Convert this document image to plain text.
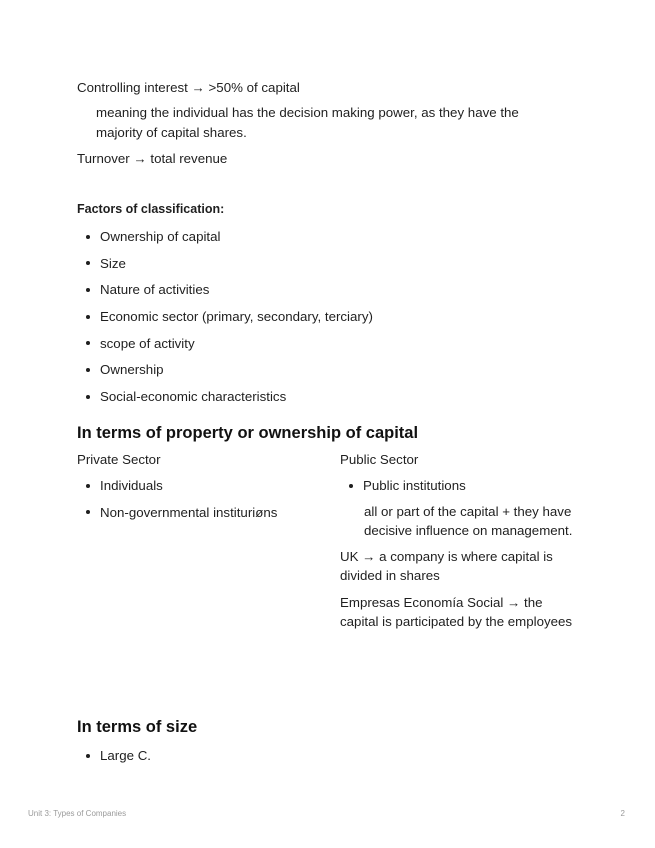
Controlling interest → >50% of capital

meaning the individual has the decision making power, as they have the majority of capital shares.

Turnover → total revenue

Factors of classification:

Ownership of capital
Size
Nature of activities
Economic sector (primary, secondary, terciary)
scope of activity
Ownership
Social-economic characteristics
In terms of property or ownership of capital

Private Sector

Individuals
Non-governmental instituriøns

Public Sector

Public institutions

all or part of the capital + they have decisive influence on management.

UK → a company is where capital is divided in shares

Empresas Economía Social → the capital is participated by the employees

In terms of size
Large C.
Unit 3: Types of Companies	2
